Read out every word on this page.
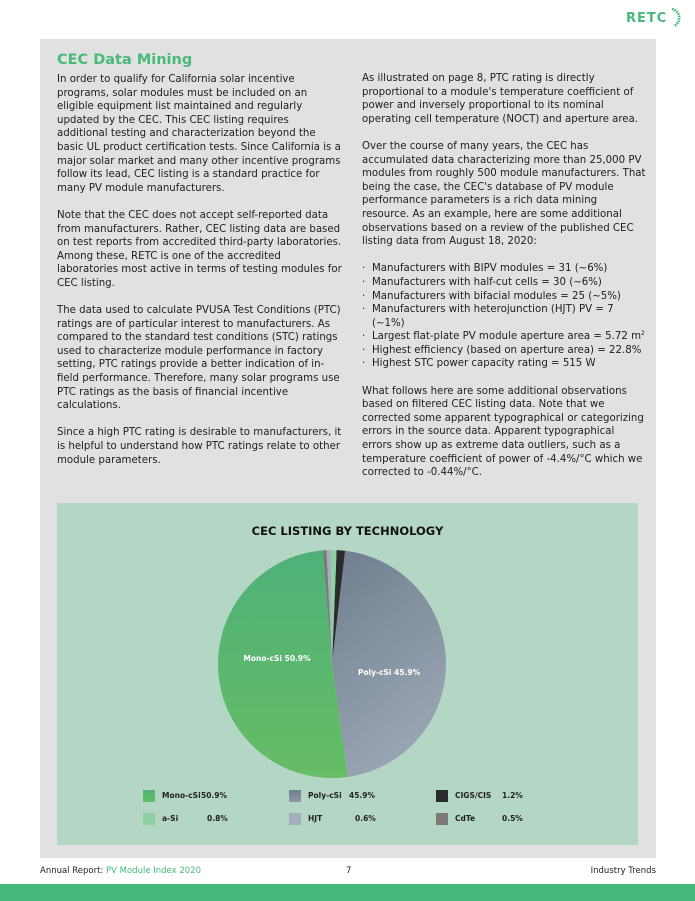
RETC
CEC Data Mining

In order to qualify for California solar incentive programs, solar modules must be included on an eligible equipment list maintained and regularly updated by the CEC. This CEC listing requires additional testing and characterization beyond the basic UL product certification tests. Since California is a major solar market and many other incentive programs follow its lead, CEC listing is a standard practice for many PV module manufacturers.

Note that the CEC does not accept self-reported data from manufacturers. Rather, CEC listing data are based on test reports from accredited third-party laboratories. Among these, RETC is one of the accredited laboratories most active in terms of testing modules for CEC listing.

The data used to calculate PVUSA Test Conditions (PTC) ratings are of particular interest to manufacturers. As compared to the standard test conditions (STC) ratings used to characterize module performance in factory setting, PTC ratings provide a better indication of in-field performance. Therefore, many solar programs use PTC ratings as the basis of financial incentive calculations.

Since a high PTC rating is desirable to manufacturers, it is helpful to understand how PTC ratings relate to other module parameters.

As illustrated on page 8, PTC rating is directly proportional to a module's temperature coefficient of power and inversely proportional to its nominal operating cell temperature (NOCT) and aperture area.

Over the course of many years, the CEC has accumulated data characterizing more than 25,000 PV modules from roughly 500 module manufacturers. That being the case, the CEC's database of PV module performance parameters is a rich data mining resource. As an example, here are some additional observations based on a review of the published CEC listing data from August 18, 2020:

· Manufacturers with BIPV modules = 31 (~6%)
· Manufacturers with half-cut cells = 30 (~6%)
· Manufacturers with bifacial modules = 25 (~5%)
· Manufacturers with heterojunction (HJT) PV = 7 (~1%)
· Largest flat-plate PV module aperture area = 5.72 $m^2$
· Highest efficiency (based on aperture area) = 22.8%
· Highest STC power capacity rating = 515 W

What follows here are some additional observations based on filtered CEC listing data. Note that we corrected some apparent typographical or categorizing errors in the source data. Apparent typographical errors show up as extreme data outliers, such as a temperature coefficient of power of -4.4%/°C which we corrected to -0.44%/°C.

CEC LISTING BY TECHNOLOGY
Mono-cSi 50.9%
Poly-cSi 45.9%
Mono-cSi 50.9%	Poly-cSi 45.9%	CIGS/CIS 1.2%
a-Si	0.8%	HJT	0.6%	CdTe	0.5%
Annual Report: PV Module Index 2020	7	Industry Trends
